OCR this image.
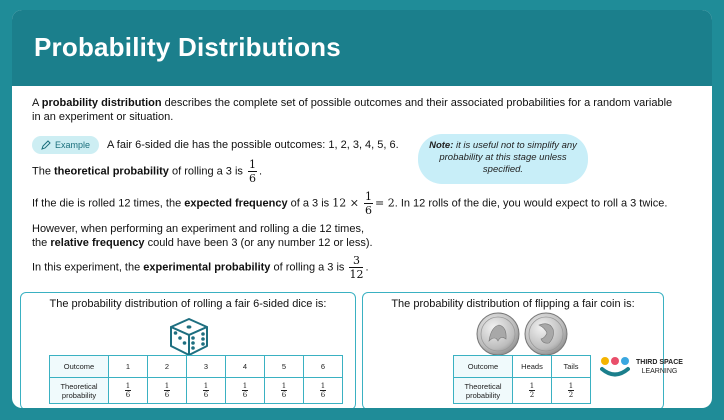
Probability Distributions
A probability distribution describes the complete set of possible outcomes and their associated probabilities for a random variable
in an experiment or situation.
Example A fair 6-sided die has the possible outcomes: 1, 2, 3, 4, 5, 6.
The theoretical probability of rolling a 3 is $\frac{1}{6}$ .
If the die is rolled 12 times, the expected frequency of a 3 is $12 \times \frac{1}{6} = 2$. In 12 rolls of the die, you would expect to roll a 3 twice.
However, when performing an experiment and rolling a die 12 times,
the relative frequency could have been 3 (or any number 12 or less).
In this experiment, the experimental probability of rolling a 3 is $\frac{3}{12}$ .
Note: it is useful not to simplify any probability at this stage unless specified.
The probability distribution of rolling a fair 6-sided dice is:
Outcome	1	2	3	4	5	6
Theoretical probability	$\frac{1}{6}$	$\frac{1}{6}$	$\frac{1}{6}$	$\frac{1}{6}$	$\frac{1}{6}$	$\frac{1}{6}$
The probability distribution of flipping a fair coin is:
Outcome	Heads	Tails
Theoretical probability	$\frac{1}{2}$	$\frac{1}{2}$
THIRD SPACE
LEARNING
